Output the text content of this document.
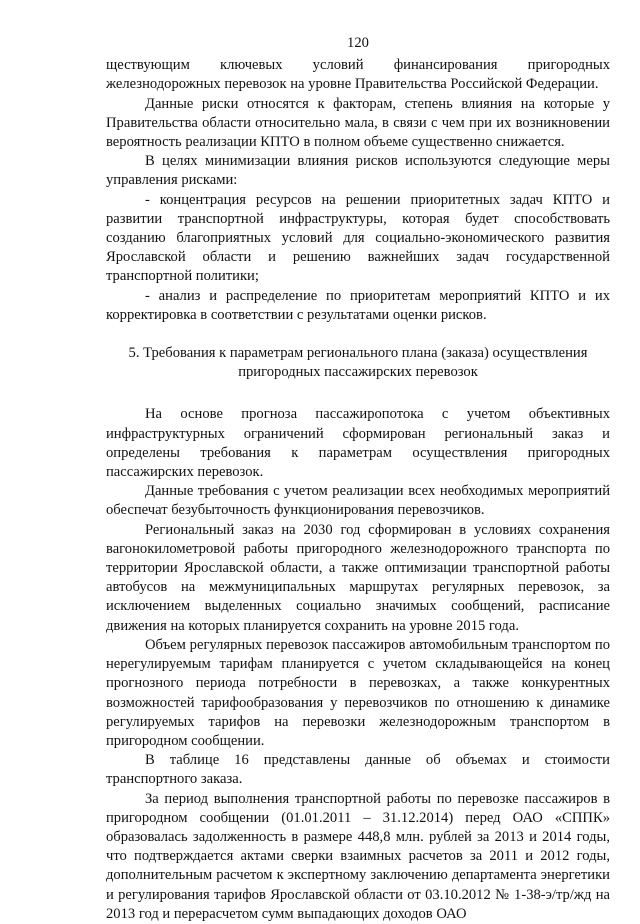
120

ществующим ключевых условий финансирования пригородных железнодорожных перевозок на уровне Правительства Российской Федерации.

Данные риски относятся к факторам, степень влияния на которые у Правительства области относительно мала, в связи с чем при их возникновении вероятность реализации КПТО в полном объеме существенно снижается.

В целях минимизации влияния рисков используются следующие меры управления рисками:

- концентрация ресурсов на решении приоритетных задач КПТО и развитии транспортной инфраструктуры, которая будет способствовать созданию благоприятных условий для социально-экономического развития Ярославской области и решению важнейших задач государственной транспортной политики;

- анализ и распределение по приоритетам мероприятий КПТО и их корректировка в соответствии с результатами оценки рисков.

5. Требования к параметрам регионального плана (заказа) осуществления
пригородных пассажирских перевозок

На основе прогноза пассажиропотока с учетом объективных инфраструктурных ограничений сформирован региональный заказ и определены требования к параметрам осуществления пригородных пассажирских перевозок.

Данные требования с учетом реализации всех необходимых мероприятий обеспечат безубыточность функционирования перевозчиков.

Региональный заказ на 2030 год сформирован в условиях сохранения вагонокилометровой работы пригородного железнодорожного транспорта по территории Ярославской области, а также оптимизации транспортной работы автобусов на межмуниципальных маршрутах регулярных перевозок, за исключением выделенных социально значимых сообщений, расписание движения на которых планируется сохранить на уровне 2015 года.

Объем регулярных перевозок пассажиров автомобильным транспортом по нерегулируемым тарифам планируется с учетом складывающейся на конец прогнозного периода потребности в перевозках, а также конкурентных возможностей тарифообразования у перевозчиков по отношению к динамике регулируемых тарифов на перевозки железнодорожным транспортом в пригородном сообщении.

В таблице 16 представлены данные об объемах и стоимости транспортного заказа.

За период выполнения транспортной работы по перевозке пассажиров в пригородном сообщении (01.01.2011 – 31.12.2014) перед ОАО «СППК» образовалась задолженность в размере 448,8 млн. рублей за 2013 и 2014 годы, что подтверждается актами сверки взаимных расчетов за 2011 и 2012 годы, дополнительным расчетом к экспертному заключению департамента энергетики и регулирования тарифов Ярославской области от 03.10.2012 № 1-38-э/тр/жд на 2013 год и перерасчетом сумм выпадающих доходов ОАО
